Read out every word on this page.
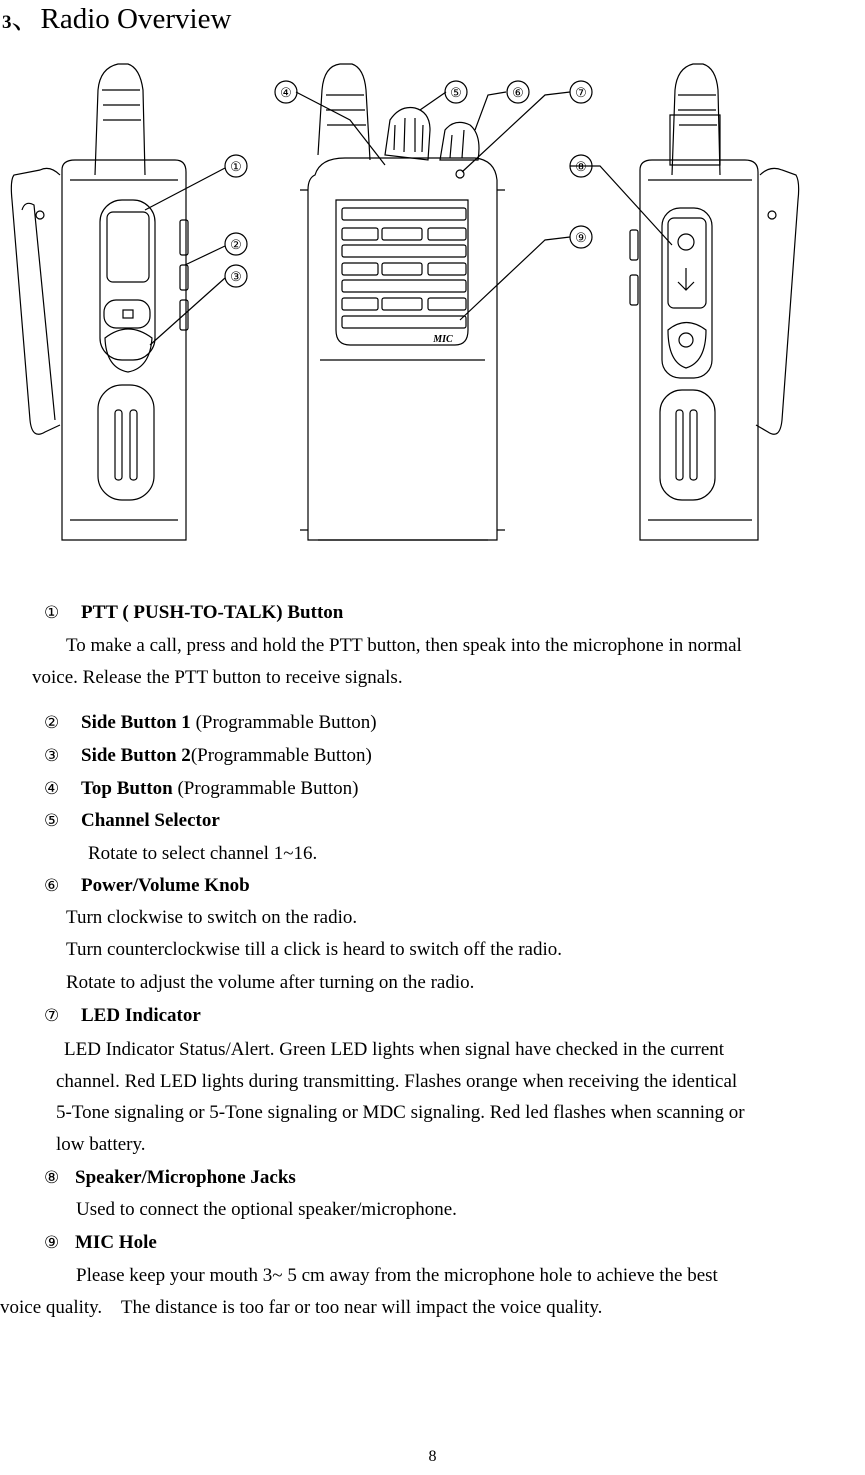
3、Radio Overview
①
②
③
④	⑤	⑥	⑦
⑧
⑨
MIC
① PTT ( PUSH-TO-TALK) Button
To make a call, press and hold the PTT button, then speak into the microphone in normal
voice. Release the PTT button to receive signals.
② Side Button 1 (Programmable Button)
③ Side Button 2(Programmable Button)
④ Top Button (Programmable Button)
⑤ Channel Selector
Rotate to select channel 1~16.
⑥ Power/Volume Knob
Turn clockwise to switch on the radio.
Turn counterclockwise till a click is heard to switch off the radio.
Rotate to adjust the volume after turning on the radio.
⑦ LED Indicator
LED Indicator Status/Alert. Green LED lights when signal have checked in the current
channel. Red LED lights during transmitting. Flashes orange when receiving the identical
5-Tone signaling or 5-Tone signaling or MDC signaling. Red led flashes when scanning or
low battery.
⑧ Speaker/Microphone Jacks
Used to connect the optional speaker/microphone.
⑨ MIC Hole
Please keep your mouth 3~ 5 cm away from the microphone hole to achieve the best
voice quality.    The distance is too far or too near will impact the voice quality.
8
